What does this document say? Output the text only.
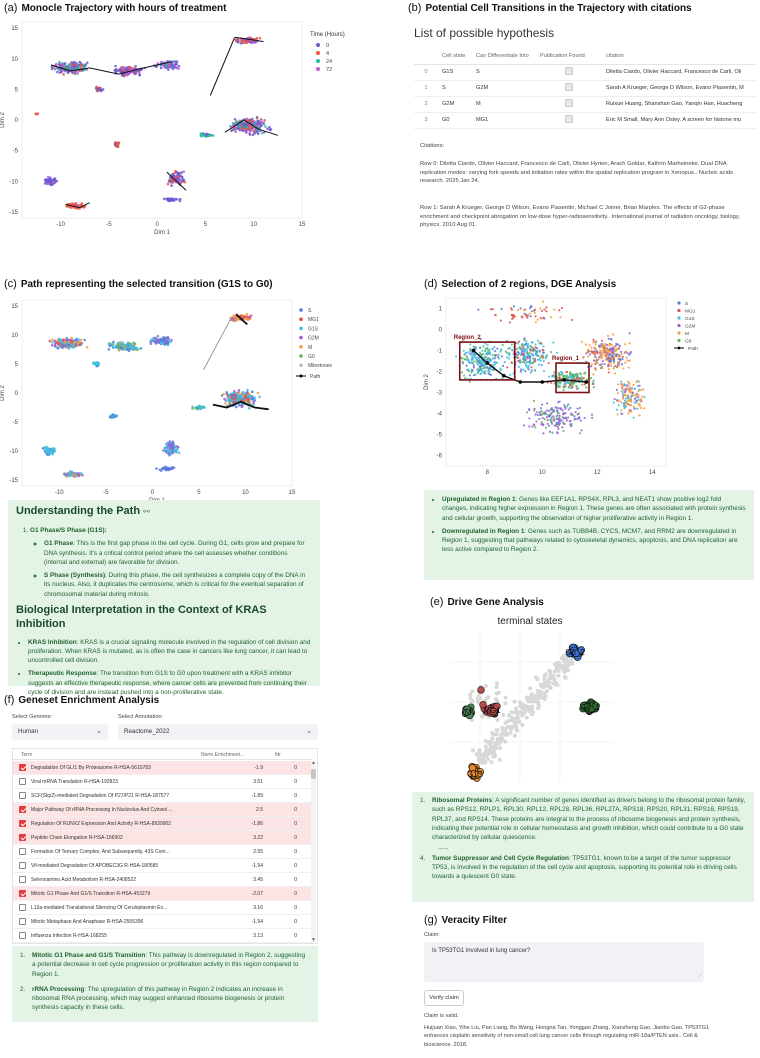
(a) Monocle Trajectory with hours of treatment
-10	-5	0	5	10	15
15
10
5
0
-5
-10
-15
Dim 1
Dim 2
Time (Hours)
0
4
24
72
(b) Potential Cell Transitions in the Trajectory with citations
List of possible hypothesis
	Cell state	Can Differentiate Into	Publication Found	citation
0	G1S	S		Diletta Ciardo, Olivier Haccard, Francesco de Carli, Oli
1	S	G2M		Sarah A Krueger, George D Wilson, Evano Piasentin, M
2	G2M	M		Ruixue Huang, Shanshan Gao, Yanqin Han, Huacheng
3	G0	MG1		Eric M Small, Mary Ann Osley. A screen for histone mu
Citations:
Row 0: Diletta Ciardo, Olivier Haccard, Francesco de Carli, Olivier Hyrien, Arach Goldar, Kathrin Marheineke. Dual DNA replication modes: varying fork speeds and initiation rates within the spatial replication program in Xenopus.. Nucleic acids research. 2025 Jan 24.
Row 1: Sarah A Krueger, George D Wilson, Evano Piasentin, Michael C Joiner, Brian Marples. The effects of G2-phase enrichment and checkpoint abrogation on low-dose hyper-radiosensitivity.. International journal of radiation oncology, biology, physics. 2010 Aug 01.
(c) Path representing the selected transition (G1S to G0)
-10	-5	0	5	10	15
15
10
5
0
-5
-10
-15
Dim 2
S
MG1
G1S
G2M
M
G0
Milestones
Path
Understanding the Path ⚯
1. G1 Phase/S Phase (G1S):
◦ G1 Phase: This is the first gap phase in the cell cycle. During G1, cells grow and prepare for DNA synthesis. It's a critical control period where the cell assesses whether conditions (internal and external) are favorable for division.
◦ S Phase (Synthesis): During this phase, the cell synthesizes a complete copy of the DNA in its nucleus. Also, it duplicates the centrosome, which is critical for the eventual separation of chromosomal material during mitosis.
Biological Interpretation in the Context of KRAS Inhibition
• KRAS Inhibition: KRAS is a crucial signaling molecule involved in the regulation of cell division and proliferation. When KRAS is mutated, as is often the case in cancers like lung cancer, it can lead to uncontrolled cell division.
• Therapeutic Response: The transition from G1S to G0 upon treatment with a KRAS inhibitor suggests an effective therapeutic response, where cancer cells are prevented from continuing their cycle of division and are instead pushed into a non-proliferative state.
(d) Selection of 2 regions, DGE Analysis
8	10	12	14
1
0
-1
-2
-3
-4
-5
-6
Dim 2
Region_2
Region_1
S
MG1
G1S
G2M
M
G0
Path
• Upregulated in Region 1: Genes like EEF1A1, RPS4X, RPL3, and NEAT1 show positive log2 fold changes, indicating higher expression in Region 1. These genes are often associated with protein synthesis and cellular growth, supporting the observation of higher proliferative activity in Region 1.
• Downregulated in Region 1: Genes such as TUBB4B, CYCS, MCM7, and RRM2 are downregulated in Region 1, suggesting that pathways related to cytoskeletal dynamics, apoptosis, and DNA replication are less active compared to Region 2.
(e) Drive Gene Analysis
terminal states
G0_2
G0_1
M MG1
G1S
1.	Ribosomal Proteins: A significant number of genes identified as drivers belong to the ribosomal protein family, such as RPS12, RPLP1, RPL30, RPL12, RPL28, RPL36, RPL27A, RPS18, RPS20, RPL31, RPS16, RPS19, RPL37, and RPS14. These proteins are integral to the process of ribosome biogenesis and protein synthesis, indicating their potential role in cellular homeostasis and growth inhibition, which could contribute to a G0 state characterized by cellular quiescence.
......
4.	Tumor Suppressor and Cell Cycle Regulation: TP53TG1, known to be a target of the tumor suppressor TP53, is involved in the regulation of the cell cycle and apoptosis, supporting its potential role in driving cells towards a quiescent G0 state.
(f) Geneset Enrichment Analysis
Select Genome:
Human	⌄
Select Annotation:
Reactome_2022	⌄
Term	Norm.Enrichment...	fdr
Degradation Of GLI1 By Proteasome R-HSA-5610783	-1.9	0
Viral mRNA Translation R-HSA-192823	3.51	0
SCF(Skp2)-mediated Degradation Of P27/P21 R-HSA-187577	-1.89	0
Major Pathway Of rRNA Processing In Nucleolus And Cytosol ...	2.5	0
Regulation Of RUNX2 Expression And Activity R-HSA-8939902	-1.86	0
Peptide Chain Elongation R-HSA-156902	3.22	0
Formation Of Ternary Complex, And Subsequently, 43S Com...	2.55	0
Vif-mediated Degradation Of APOBEC3G R-HSA-180585	-1.94	0
Selenoamino Acid Metabolism R-HSA-2408522	3.45	0
Mitotic G1 Phase And G1/S Transition R-HSA-453279	-2.07	0
L13a-mediated Translational Silencing Of Ceruloplasmin Ex...	3.16	0
Mitotic Metaphase And Anaphase R-HSA-2555396	-1.94	0
Influenza Infection R-HSA-168255	3.13	0
▲
▼
1.	Mitotic G1 Phase and G1/S Transition: This pathway is downregulated in Region 2, suggesting a potential decrease in cell cycle progression or proliferation activity in this region compared to Region 1.
2.	rRNA Processing: The upregulation of this pathway in Region 2 indicates an increase in ribosomal RNA processing, which may suggest enhanced ribosome biogenesis or protein synthesis capacity in these cells.
(g) Veracity Filter
Claim:
Is TP53TG1 involved in lung cancer?
⟋
Verify claim
Claim is valid.
Huijuan Xiao, Yihe Liu, Pan Liang, Bo Wang, Hongna Tan, Yonggao Zhang, Xianzheng Gao, Jianbo Gao. TP53TG1 enhances cisplatin sensitivity of non-small cell lung cancer cells through regulating miR-18a/PTEN axis.. Cell & bioscience. 2018.
